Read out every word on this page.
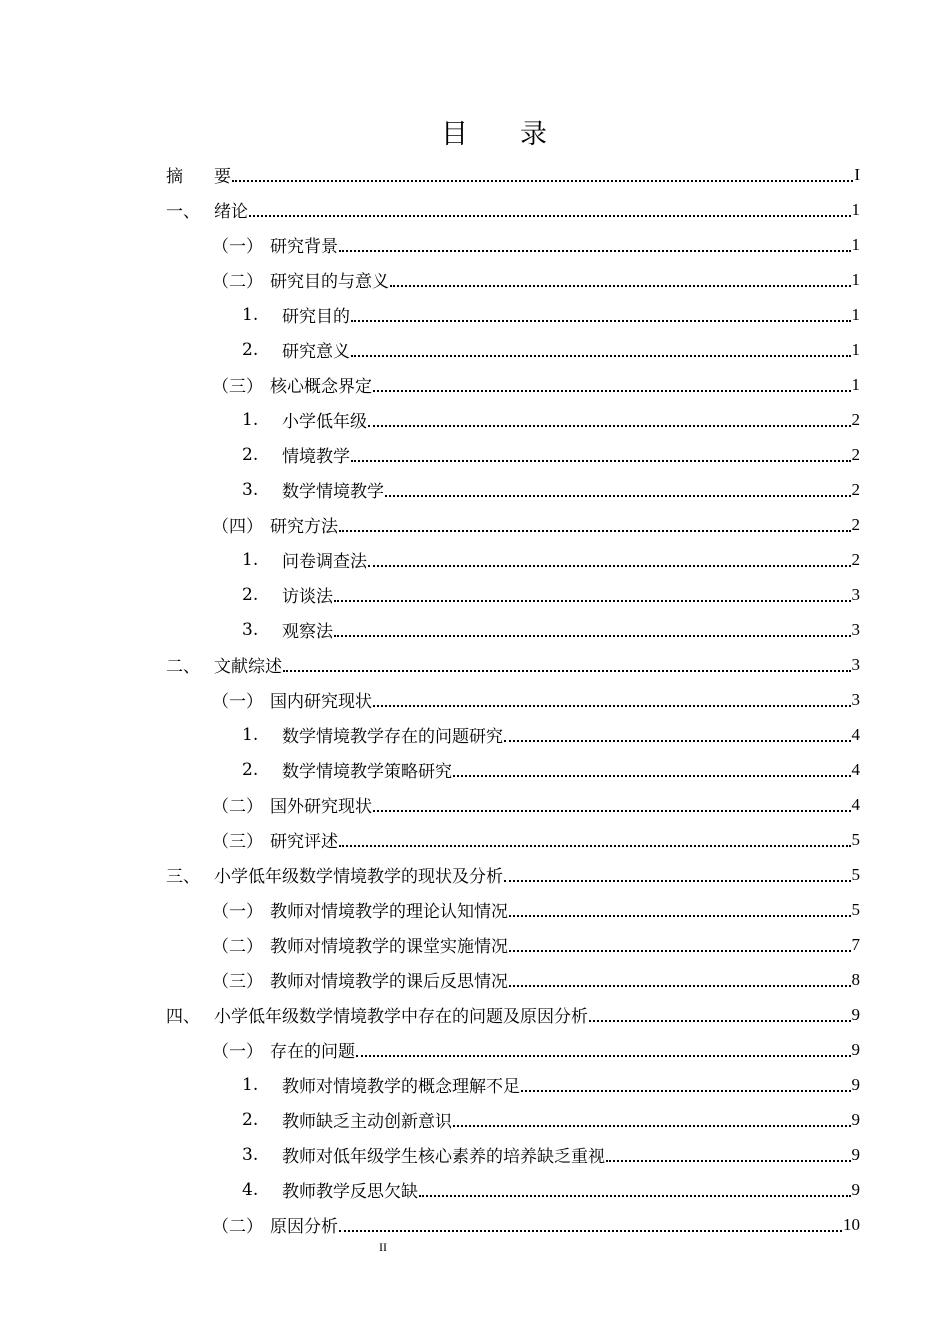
目 录
摘	要	I
一、 绪论	1
（一） 研究背景	1
（二） 研究目的与意义	1
1.	研究目的	1
2.	研究意义	1
（三） 核心概念界定	1
1.	小学低年级	2
2.	情境教学	2
3.	数学情境教学	2
（四） 研究方法	2
1.	问卷调查法	2
2.	访谈法	3
3.	观察法	3
二、 文献综述	3
（一） 国内研究现状	3
1.	数学情境教学存在的问题研究	4
2.	数学情境教学策略研究	4
（二） 国外研究现状	4
（三） 研究评述	5
三、 小学低年级数学情境教学的现状及分析	5
（一） 教师对情境教学的理论认知情况	5
（二） 教师对情境教学的课堂实施情况	7
（三） 教师对情境教学的课后反思情况	8
四、 小学低年级数学情境教学中存在的问题及原因分析	9
（一） 存在的问题	9
1.	教师对情境教学的概念理解不足	9
2.	教师缺乏主动创新意识	9
3.	教师对低年级学生核心素养的培养缺乏重视	9
4.	教师教学反思欠缺	9
（二） 原因分析	10
II
